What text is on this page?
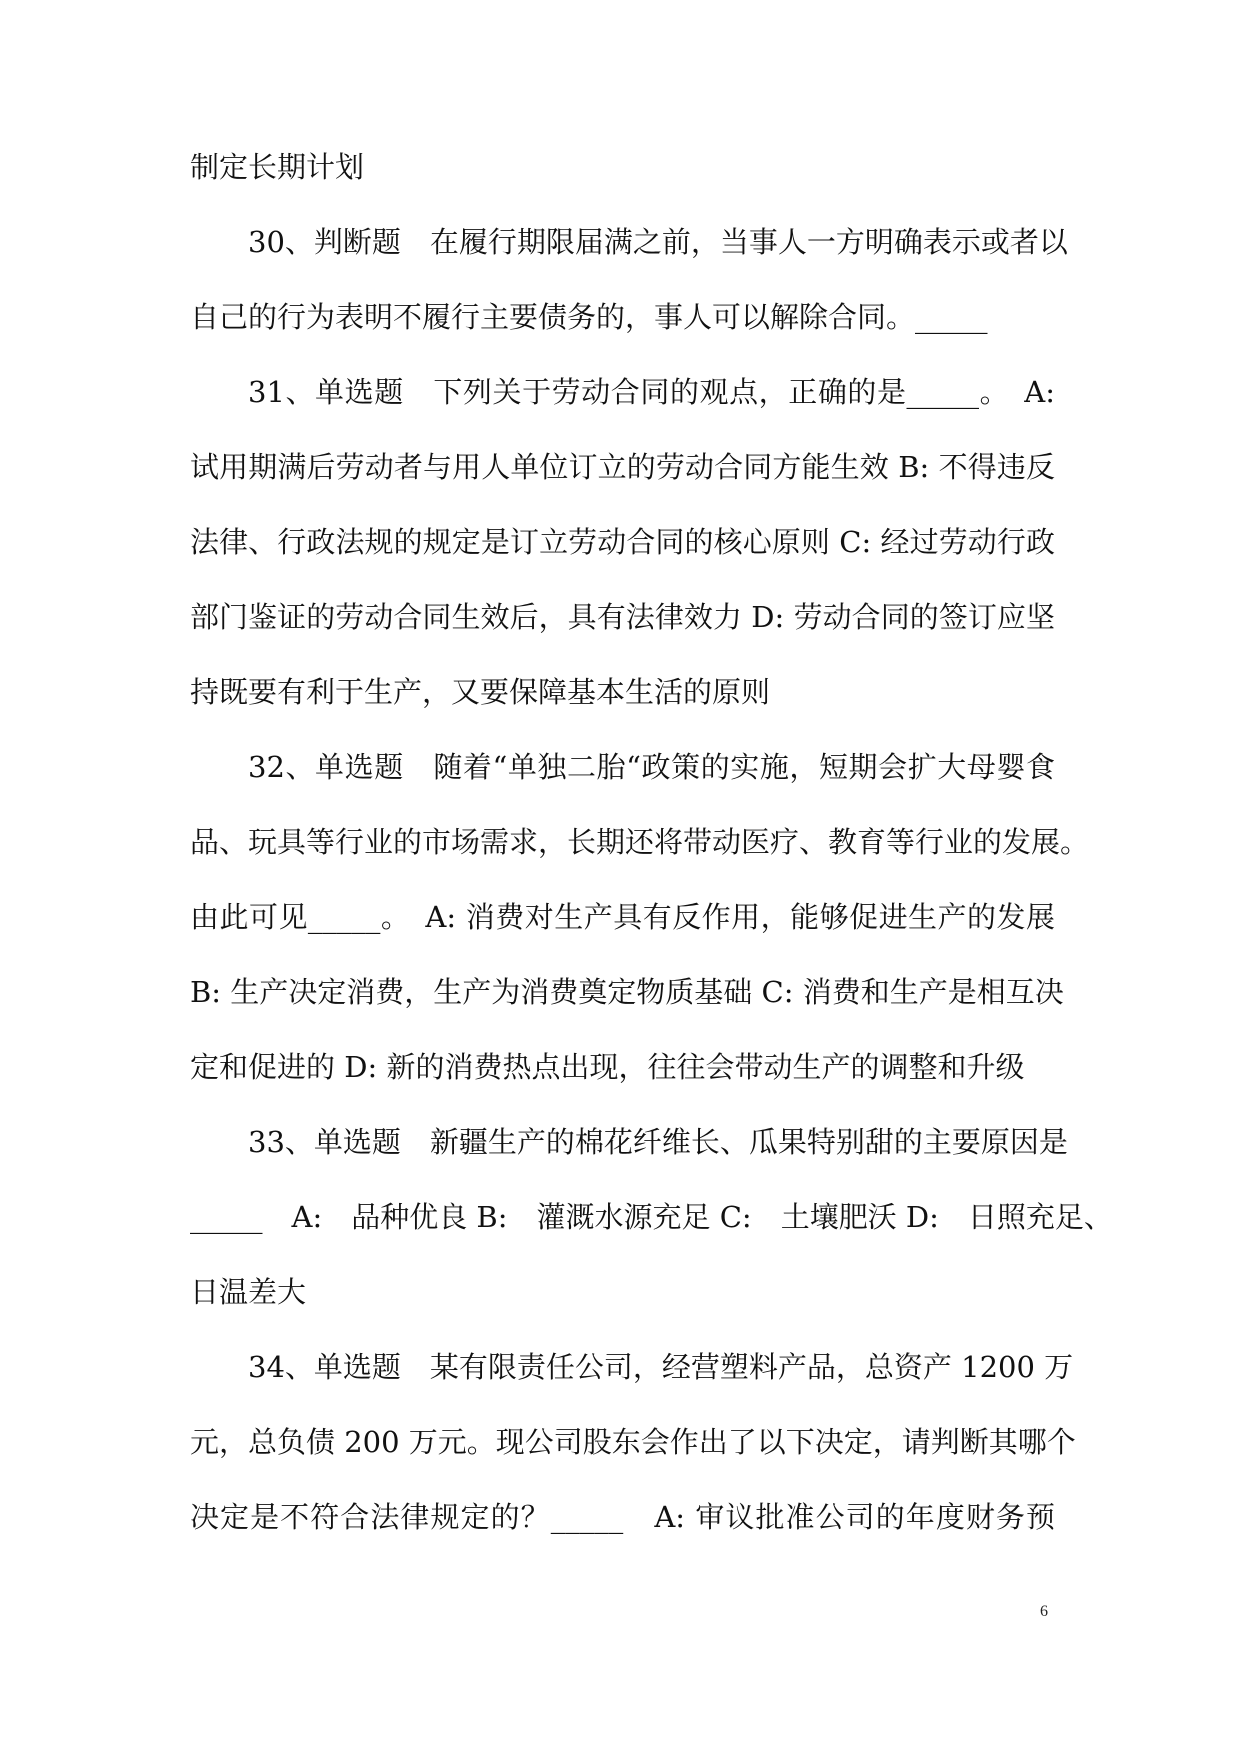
制定长期计划
30、判断题　在履行期限届满之前，当事人一方明确表示或者以
自己的行为表明不履行主要债务的，事人可以解除合同。_____
31、单选题　下列关于劳动合同的观点，正确的是_____。　A:
试用期满后劳动者与用人单位订立的劳动合同方能生效 B: 不得违反
法律、行政法规的规定是订立劳动合同的核心原则 C: 经过劳动行政
部门鉴证的劳动合同生效后，具有法律效力 D: 劳动合同的签订应坚
持既要有利于生产，又要保障基本生活的原则
32、单选题　随着“单独二胎“政策的实施，短期会扩大母婴食
品、玩具等行业的市场需求，长期还将带动医疗、教育等行业的发展。
由此可见_____。　A: 消费对生产具有反作用，能够促进生产的发展
B: 生产决定消费，生产为消费奠定物质基础 C: 消费和生产是相互决
定和促进的 D: 新的消费热点出现，往往会带动生产的调整和升级
33、单选题　新疆生产的棉花纤维长、瓜果特别甜的主要原因是
_____　A:　品种优良 B:　灌溉水源充足 C:　土壤肥沃 D:　日照充足、
日温差大
34、单选题　某有限责任公司，经营塑料产品，总资产 1200 万
元，总负债 200 万元。现公司股东会作出了以下决定，请判断其哪个
决定是不符合法律规定的？_____　A: 审议批准公司的年度财务预
6
